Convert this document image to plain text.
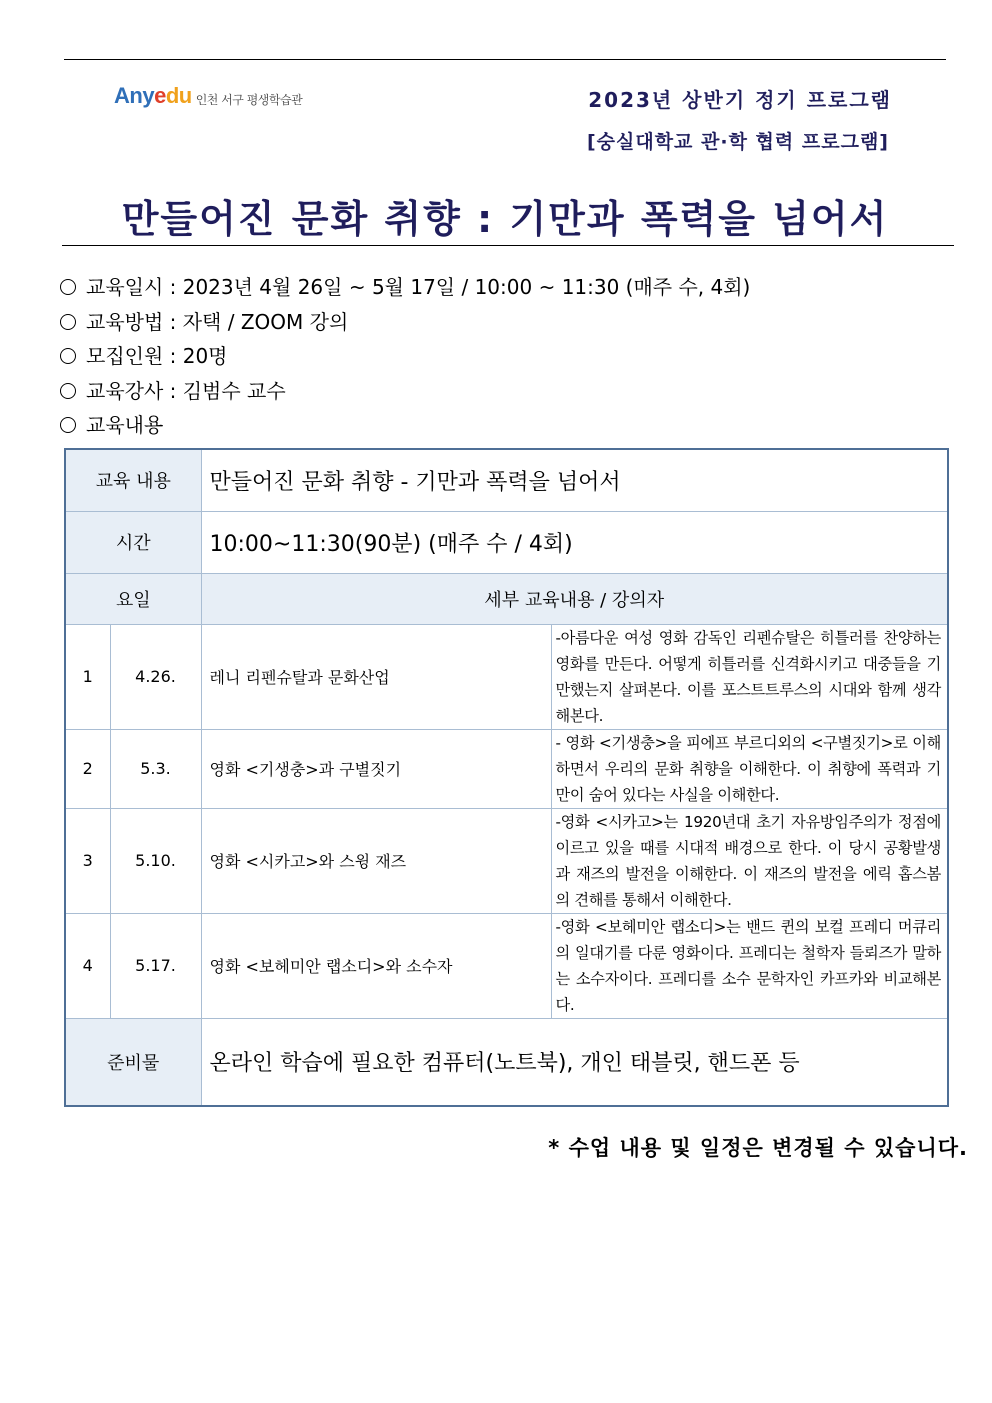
Anyedu 인천 서구 평생학습관	2023년 상반기 정기 프로그램
[숭실대학교 관·학 협력 프로그램]
만들어진 문화 취향 : 기만과 폭력을 넘어서
교육일시 : 2023년 4월 26일 ~ 5월 17일 / 10:00 ~ 11:30 (매주 수, 4회)
교육방법 : 자택 / ZOOM 강의
모집인원 : 20명
교육강사 : 김범수 교수
교육내용
교육 내용		만들어진 문화 취향 - 기만과 폭력을 넘어서	
시간		10:00~11:30(90분) (매주 수 / 4회)	
요일		세부 교육내용 / 강의자	
1	4.26.	레니 리펜슈탈과 문화산업	-아름다운 여성 영화 감독인 리펜슈탈은 히틀러를 찬양하는 영화를 만든다. 어떻게 히틀러를 신격화시키고 대중들을 기만했는지 살펴본다. 이를 포스트트루스의 시대와 함께 생각해본다.
2	5.3.	영화 <기생충>과 구별짓기	- 영화 <기생충>을 피에프 부르디외의 <구별짓기>로 이해하면서 우리의 문화 취향을 이해한다. 이 취향에 폭력과 기만이 숨어 있다는 사실을 이해한다.
3	5.10.	영화 <시카고>와 스윙 재즈	-영화 <시카고>는 1920년대 초기 자유방임주의가 정점에 이르고 있을 때를 시대적 배경으로 한다. 이 당시 공황발생과 재즈의 발전을 이해한다. 이 재즈의 발전을 에릭 홉스봄의 견해를 통해서 이해한다.
4	5.17.	영화 <보헤미안 랩소디>와 소수자	-영화 <보헤미안 랩소디>는 밴드 퀸의 보컬 프레디 머큐리의 일대기를 다룬 영화이다. 프레디는 철학자 들뢰즈가 말하는 소수자이다. 프레디를 소수 문학자인 카프카와 비교해본다.
준비물		온라인 학습에 필요한 컴퓨터(노트북), 개인 태블릿, 핸드폰 등	
* 수업 내용 및 일정은 변경될 수 있습니다.
